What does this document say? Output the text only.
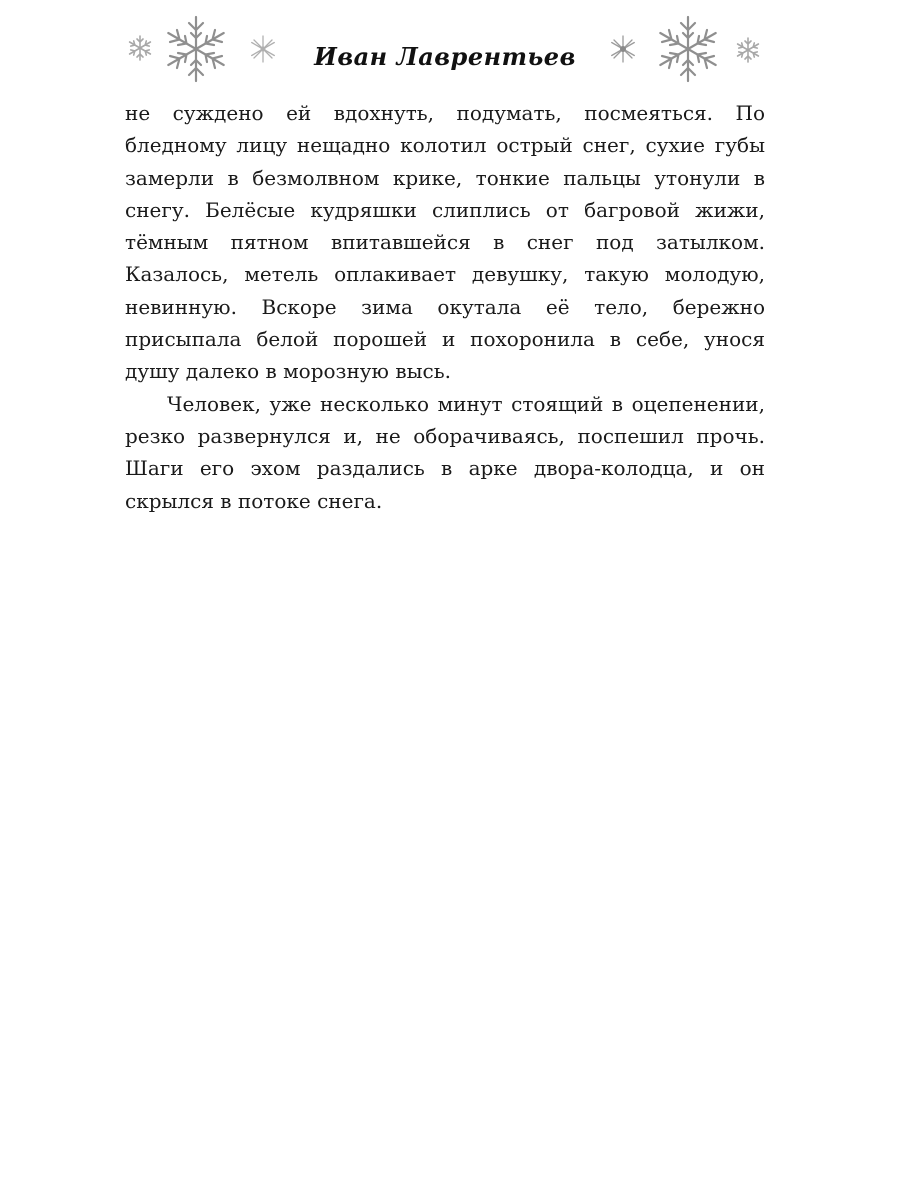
Иван Лаврентьев

не суждено ей вдохнуть, подумать, посмеяться. По бледному лицу нещадно колотил острый снег, сухие губы замерли в безмолвном крике, тонкие пальцы утонули в снегу. Белёсые кудряшки слиплись от багровой жижи, тёмным пятном впитавшейся в снег под затылком. Казалось, метель оплакивает девушку, такую молодую, невинную. Вскоре зима окутала её тело, бережно присыпала белой порошей и похоронила в себе, унося душу далеко в морозную высь.

Человек, уже несколько минут стоящий в оцепенении, резко развернулся и, не оборачиваясь, поспешил прочь. Шаги его эхом раздались в арке двора-колодца, и он скрылся в потоке снега.
